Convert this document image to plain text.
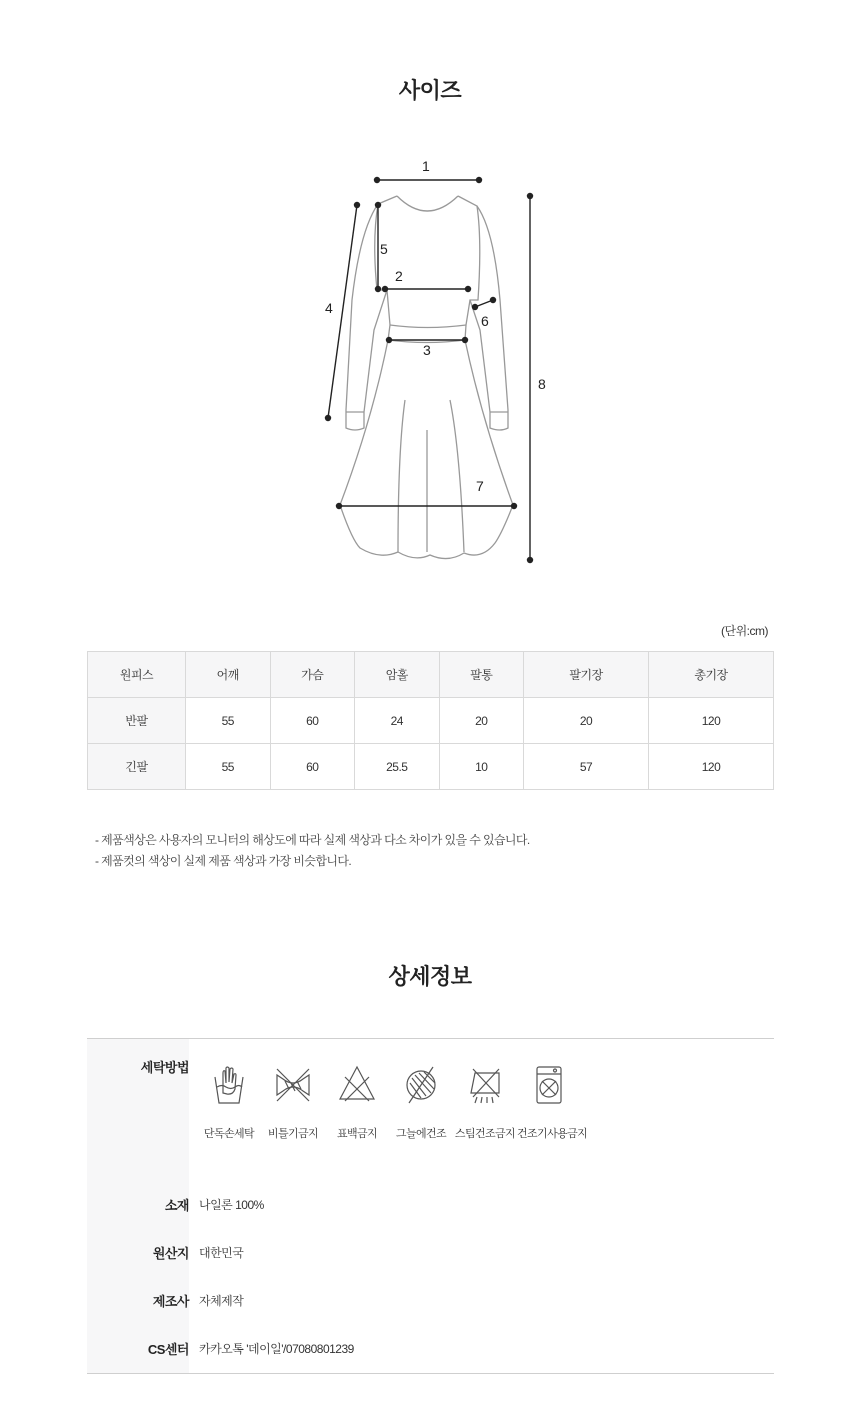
사이즈
1
2
3
4
5
6
7
8
(단위:cm)
원피스	어깨	가슴	암홀	팔통	팔기장	총기장
반팔	55	60	24	20	20	120
긴팔	55	60	25.5	10	57	120
- 제품색상은 사용자의 모니터의 해상도에 따라 실제 색상과 다소 차이가 있을 수 있습니다.
- 제품컷의 색상이 실제 제품 색상과 가장 비슷합니다.
상세정보
세탁방법
단독손세탁	비틀기금지	표백금지	그늘에건조 스팀건조금지 건조기사용금지
소재 나일론 100%
원산지 대한민국
제조사 자체제작
CS센터 카카오톡 '데이일'/07080801239
